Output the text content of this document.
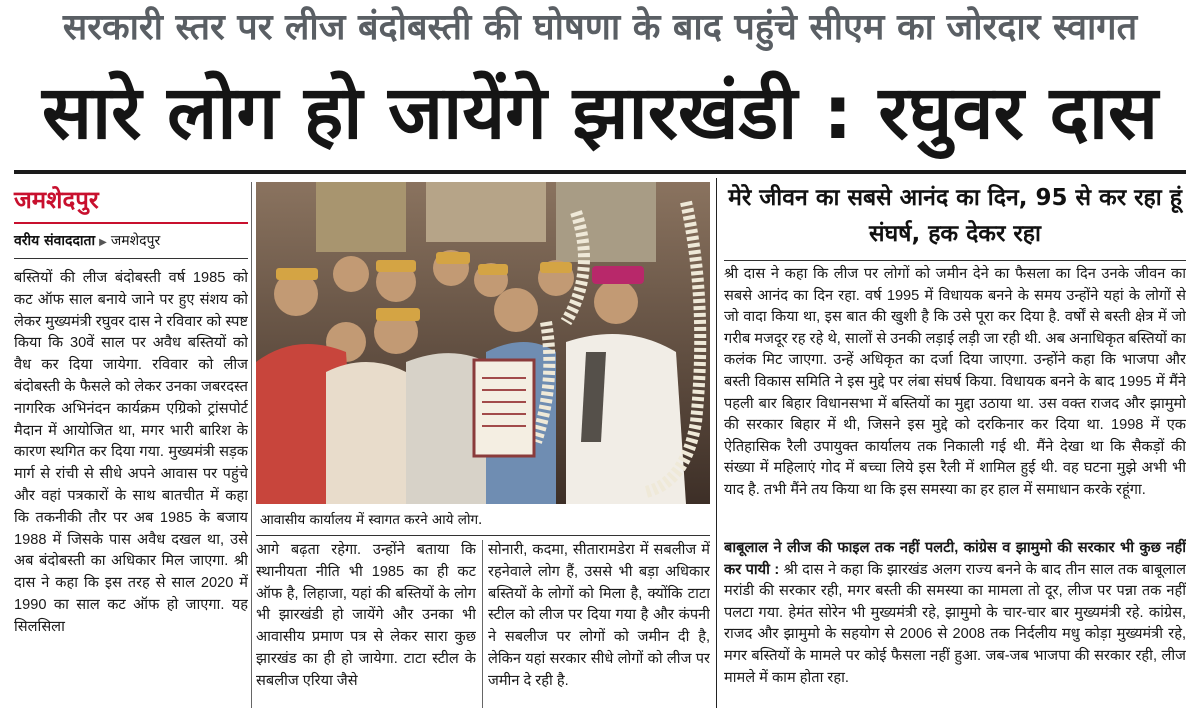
सरकारी स्तर पर लीज बंदोबस्ती की घोषणा के बाद पहुंचे सीएम का जोरदार स्वागत
सारे लोग हो जायेंगे झारखंडी : रघुवर दास
जमशेदपुर
वरीय संवाददाता ▶ जमशेदपुर
बस्तियों की लीज बंदोबस्ती वर्ष 1985 को कट ऑफ साल बनाये जाने पर हुए संशय को लेकर मुख्यमंत्री रघुवर दास ने रविवार को स्पष्ट किया कि 30वें साल पर अवैध बस्तियों को वैध कर दिया जायेगा. रविवार को लीज बंदोबस्ती के फैसले को लेकर उनका जबरदस्त नागरिक अभिनंदन कार्यक्रम एग्रिको ट्रांसपोर्ट मैदान में आयोजित था, मगर भारी बारिश के कारण स्थगित कर दिया गया. मुख्यमंत्री सड़क मार्ग से रांची से सीधे अपने आवास पर पहुंचे और वहां पत्रकारों के साथ बातचीत में कहा कि तकनीकी तौर पर अब 1985 के बजाय 1988 में जिसके पास अवैध दखल था, उसे अब बंदोबस्ती का अधिकार मिल जाएगा. श्री दास ने कहा कि इस तरह से साल 2020 में 1990 का साल कट ऑफ हो जाएगा. यह सिलसिला
आवासीय कार्यालय में स्वागत करने आये लोग.
आगे बढ़ता रहेगा. उन्होंने बताया कि स्थानीयता नीति भी 1985 का ही कट ऑफ है, लिहाजा, यहां की बस्तियों के लोग भी झारखंडी हो जायेंगे और उनका भी आवासीय प्रमाण पत्र से लेकर सारा कुछ झारखंड का ही हो जायेगा. टाटा स्टील के सबलीज एरिया जैसे
सोनारी, कदमा, सीतारामडेरा में सबलीज में रहनेवाले लोग हैं, उससे भी बड़ा अधिकार बस्तियों के लोगों को मिला है, क्योंकि टाटा स्टील को लीज पर दिया गया है और कंपनी ने सबलीज पर लोगों को जमीन दी है, लेकिन यहां सरकार सीधे लोगों को लीज पर जमीन दे रही है.
मेरे जीवन का सबसे आनंद का दिन, 95 से कर रहा हूं संघर्ष, हक देकर रहा
श्री दास ने कहा कि लीज पर लोगों को जमीन देने का फैसला का दिन उनके जीवन का सबसे आनंद का दिन रहा. वर्ष 1995 में विधायक बनने के समय उन्होंने यहां के लोगों से जो वादा किया था, इस बात की खुशी है कि उसे पूरा कर दिया है. वर्षों से बस्ती क्षेत्र में जो गरीब मजदूर रह रहे थे, सालों से उनकी लड़ाई लड़ी जा रही थी. अब अनाधिकृत बस्तियों का कलंक मिट जाएगा. उन्हें अधिकृत का दर्जा दिया जाएगा. उन्होंने कहा कि भाजपा और बस्ती विकास समिति ने इस मुद्दे पर लंबा संघर्ष किया. विधायक बनने के बाद 1995 में मैंने पहली बार बिहार विधानसभा में बस्तियों का मुद्दा उठाया था. उस वक्त राजद और झामुमो की सरकार बिहार में थी, जिसने इस मुद्दे को दरकिनार कर दिया था. 1998 में एक ऐतिहासिक रैली उपायुक्त कार्यालय तक निकाली गई थी. मैंने देखा था कि सैकड़ों की संख्या में महिलाएं गोद में बच्चा लिये इस रैली में शामिल हुई थी. वह घटना मुझे अभी भी याद है. तभी मैंने तय किया था कि इस समस्या का हर हाल में समाधान करके रहूंगा.
बाबूलाल ने लीज की फाइल तक नहीं पलटी, कांग्रेस व झामुमो की सरकार भी कुछ नहीं कर पायी : श्री दास ने कहा कि झारखंड अलग राज्य बनने के बाद तीन साल तक बाबूलाल मरांडी की सरकार रही, मगर बस्ती की समस्या का मामला तो दूर, लीज पर पन्ना तक नहीं पलटा गया. हेमंत सोरेन भी मुख्यमंत्री रहे, झामुमो के चार-चार बार मुख्यमंत्री रहे. कांग्रेस, राजद और झामुमो के सहयोग से 2006 से 2008 तक निर्दलीय मधु कोड़ा मुख्यमंत्री रहे, मगर बस्तियों के मामले पर कोई फैसला नहीं हुआ. जब-जब भाजपा की सरकार रही, लीज मामले में काम होता रहा.
